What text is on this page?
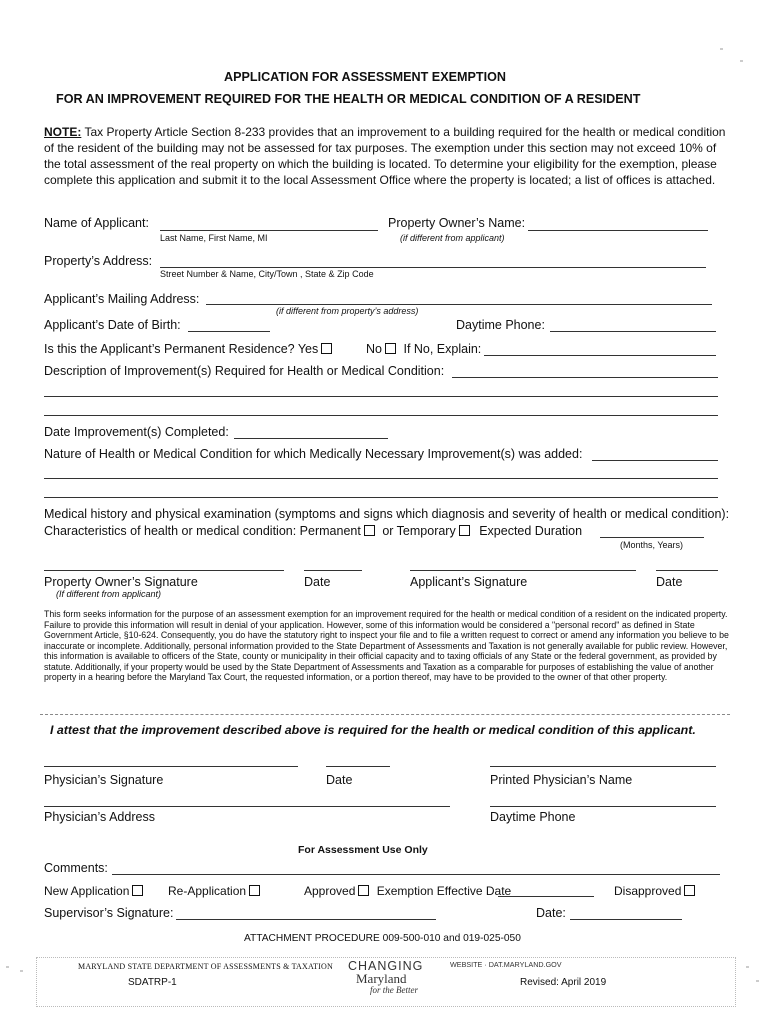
APPLICATION FOR ASSESSMENT EXEMPTION
FOR AN IMPROVEMENT REQUIRED FOR THE HEALTH OR MEDICAL CONDITION OF A RESIDENT
NOTE: Tax Property Article Section 8-233 provides that an improvement to a building required for the health or medical condition of the resident of the building may not be assessed for tax purposes. The exemption under this section may not exceed 10% of the total assessment of the real property on which the building is located. To determine your eligibility for the exemption, please complete this application and submit it to the local Assessment Office where the property is located; a list of offices is attached.
Name of Applicant:
Last Name, First Name, MI
Property Owner’s Name:
(if different from applicant)
Property’s Address:
Street Number & Name, City/Town , State & Zip Code
Applicant’s Mailing Address:
(if different from property’s address)
Applicant’s Date of Birth:	Daytime Phone:
Is this the Applicant’s Permanent Residence? Yes	No If No, Explain:
Description of Improvement(s) Required for Health or Medical Condition:
Date Improvement(s) Completed:
Nature of Health or Medical Condition for which Medically Necessary Improvement(s) was added:
Medical history and physical examination (symptoms and signs which diagnosis and severity of health or medical condition):
Characteristics of health or medical condition: Permanent or Temporary Expected Duration
(Months, Years)
Property Owner’s Signature
(If different from applicant)
Date	Applicant’s Signature	Date
This form seeks information for the purpose of an assessment exemption for an improvement required for the health or medical condition of a resident on the indicated property. Failure to provide this information will result in denial of your application. However, some of this information would be considered a "personal record" as defined in State Government Article, §10-624. Consequently, you do have the statutory right to inspect your file and to file a written request to correct or amend any information you believe to be inaccurate or incomplete. Additionally, personal information provided to the State Department of Assessments and Taxation is not generally available for public review. However, this information is available to officers of the State, county or municipality in their official capacity and to taxing officials of any State or the federal government, as provided by statute. Additionally, if your property would be used by the State Department of Assessments and Taxation as a comparable for purposes of establishing the value of another property in a hearing before the Maryland Tax Court, the requested information, or a portion thereof, may have to be provided to the owner of that other property.
I attest that the improvement described above is required for the health or medical condition of this applicant.
Physician’s Signature	Date	Printed Physician’s Name
Physician’s Address	Daytime Phone
For Assessment Use Only
Comments:
New Application	Re-Application	Approved Exemption Effective Date	Disapproved
Supervisor’s Signature:	Date:
ATTACHMENT PROCEDURE 009-500-010 and 019-025-050
MARYLAND STATE DEPARTMENT OF ASSESSMENTS & TAXATION CHANGING
Maryland
for the Better
WEBSITE · DAT.MARYLAND.GOV
SDATRP-1	Revised: April 2019
